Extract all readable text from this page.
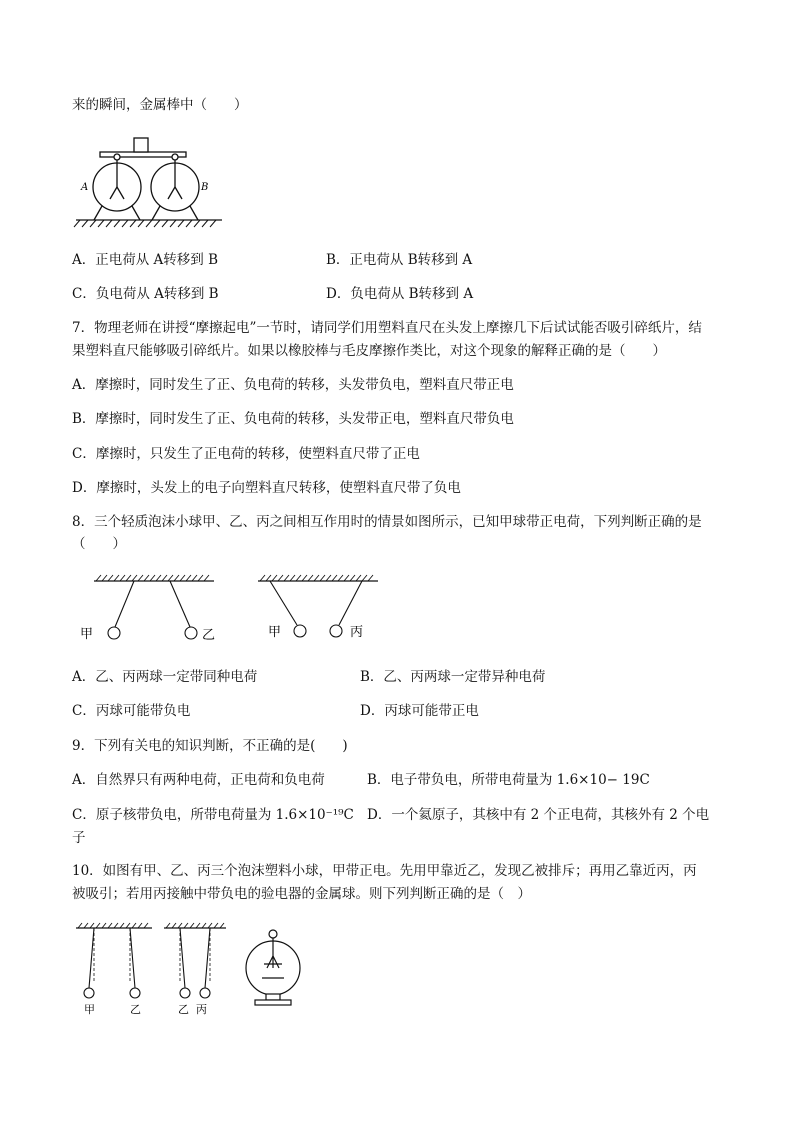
来的瞬间，金属棒中（　　）
A	B
A．正电荷从 A转移到 B	B．正电荷从 B转移到 A
C．负电荷从 A转移到 B	D．负电荷从 B转移到 A
7．物理老师在讲授“摩擦起电”一节时，请同学们用塑料直尺在头发上摩擦几下后试试能否吸引碎纸片，结
果塑料直尺能够吸引碎纸片。如果以橡胶棒与毛皮摩擦作类比，对这个现象的解释正确的是（　　）
A．摩擦时，同时发生了正、负电荷的转移，头发带负电，塑料直尺带正电
B．摩擦时，同时发生了正、负电荷的转移，头发带正电，塑料直尺带负电
C．摩擦时，只发生了正电荷的转移，使塑料直尺带了正电
D．摩擦时，头发上的电子向塑料直尺转移，使塑料直尺带了负电
8．三个轻质泡沫小球甲、乙、丙之间相互作用时的情景如图所示，已知甲球带正电荷，下列判断正确的是
（　　）
甲	乙	甲	丙
A．乙、丙两球一定带同种电荷	B．乙、丙两球一定带异种电荷
C．丙球可能带负电	D．丙球可能带正电
9．下列有关电的知识判断，不正确的是(　　)
A．自然界只有两种电荷，正电荷和负电荷	B．电子带负电，所带电荷量为 1.6×10− 19C
C．原子核带负电，所带电荷量为 1.6×10⁻¹⁹C D．一个氦原子，其核中有 2 个正电荷，其核外有 2 个电
子
10．如图有甲、乙、丙三个泡沫塑料小球，甲带正电。先用甲靠近乙，发现乙被排斥；再用乙靠近丙，丙
被吸引；若用丙接触中带负电的验电器的金属球。则下列判断正确的是（　）
甲	乙	乙 丙
